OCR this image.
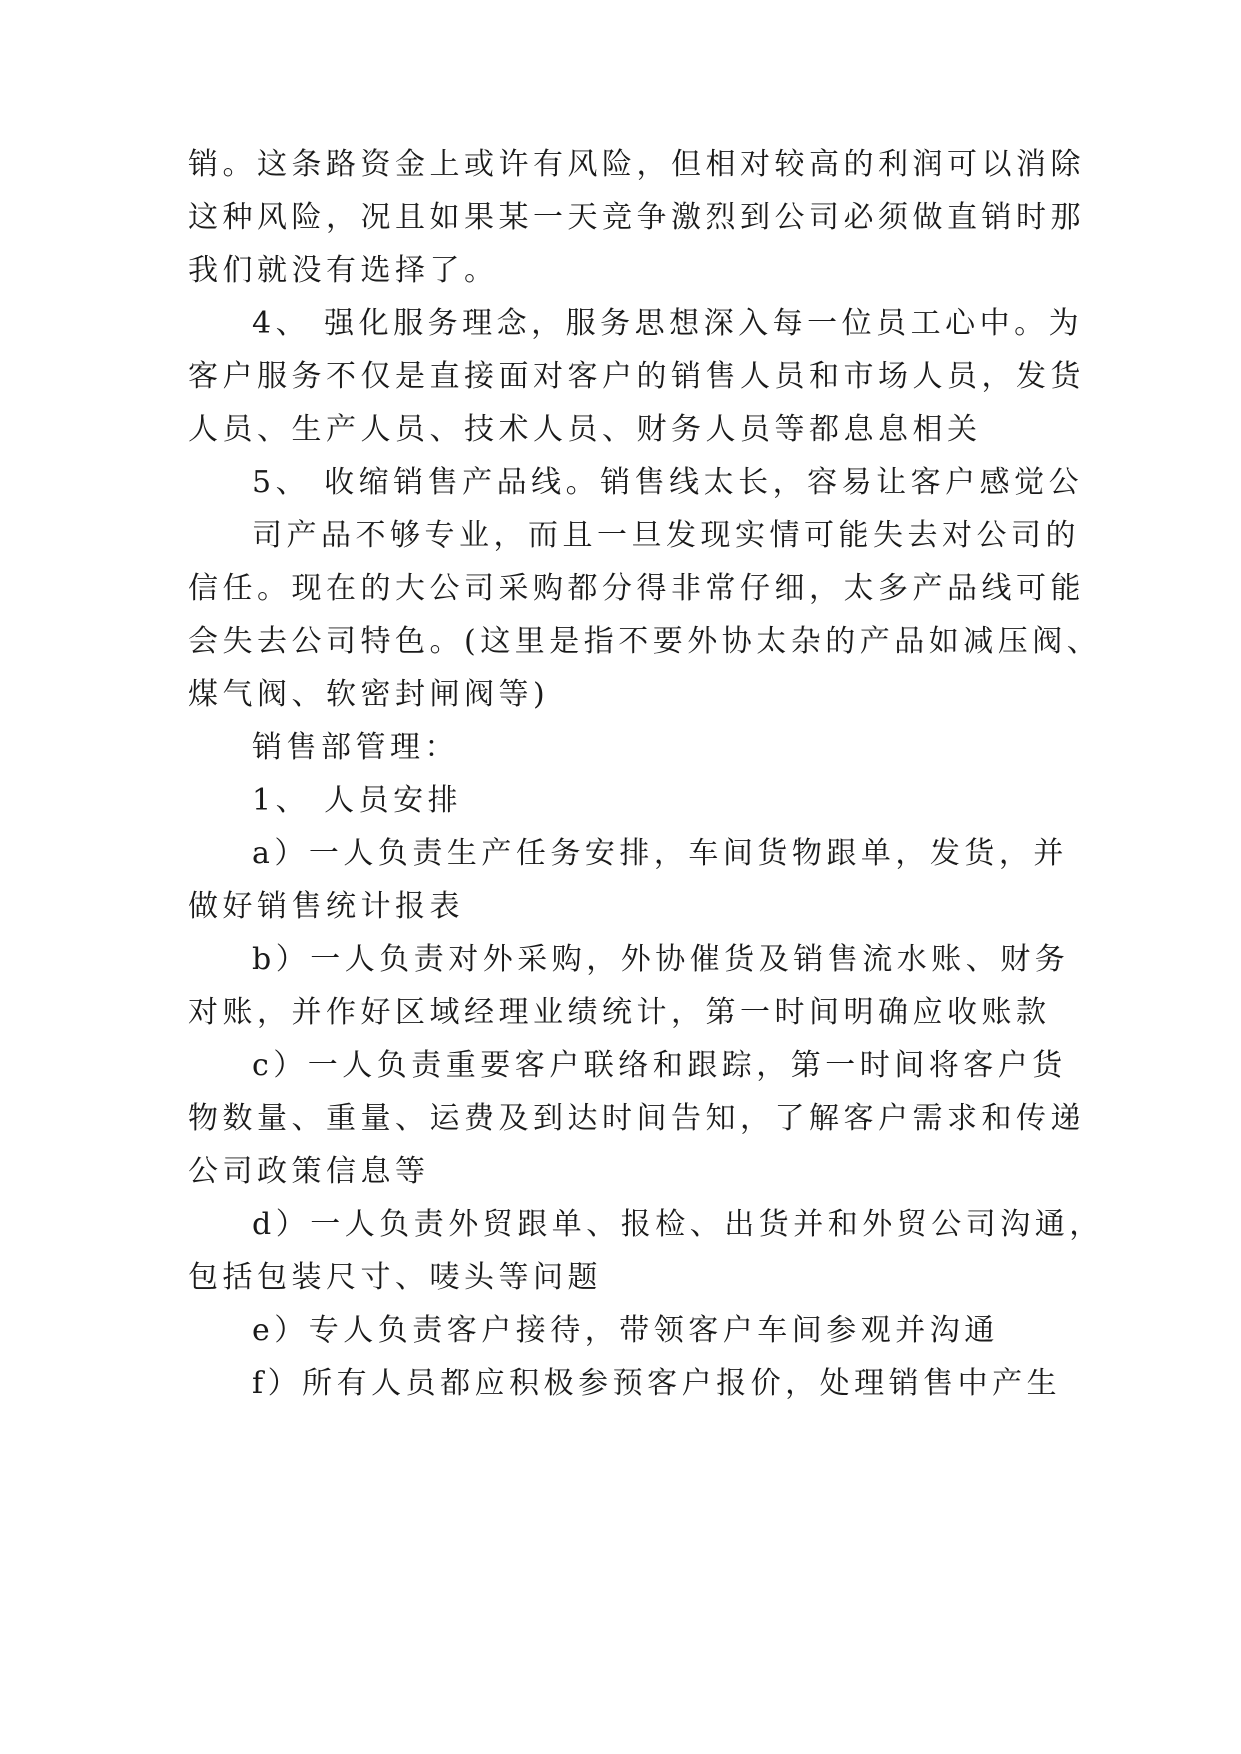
销。这条路资金上或许有风险，但相对较高的利润可以消除
这种风险，况且如果某一天竞争激烈到公司必须做直销时那
我们就没有选择了。
4、 强化服务理念，服务思想深入每一位员工心中。为
客户服务不仅是直接面对客户的销售人员和市场人员，发货
人员、生产人员、技术人员、财务人员等都息息相关
5、 收缩销售产品线。销售线太长，容易让客户感觉公
司产品不够专业，而且一旦发现实情可能失去对公司的
信任。现在的大公司采购都分得非常仔细，太多产品线可能
会失去公司特色。(这里是指不要外协太杂的产品如减压阀、
煤气阀、软密封闸阀等)
销售部管理：
1、 人员安排
a）一人负责生产任务安排，车间货物跟单，发货，并
做好销售统计报表
b）一人负责对外采购，外协催货及销售流水账、财务
对账，并作好区域经理业绩统计，第一时间明确应收账款
c）一人负责重要客户联络和跟踪，第一时间将客户货
物数量、重量、运费及到达时间告知，了解客户需求和传递
公司政策信息等
d）一人负责外贸跟单、报检、出货并和外贸公司沟通，
包括包装尺寸、唛头等问题
e）专人负责客户接待，带领客户车间参观并沟通
f）所有人员都应积极参预客户报价，处理销售中产生
